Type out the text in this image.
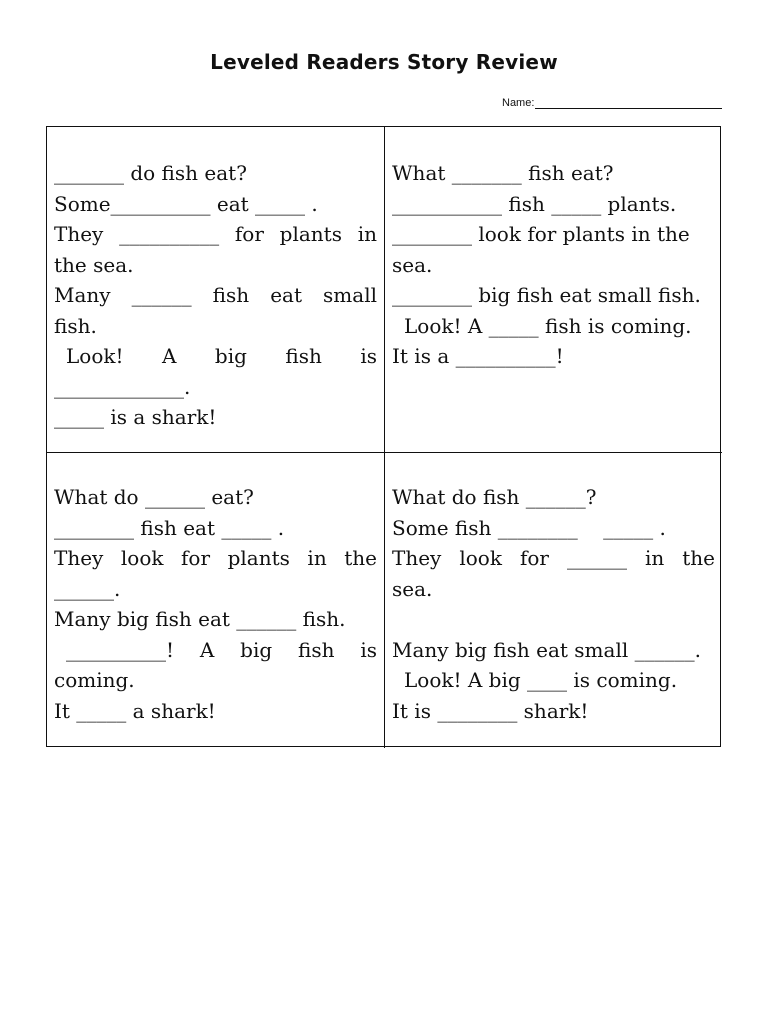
Leveled Readers Story Review
Name:
_______ do fish eat?
Some__________ eat _____ .
They __________ for plants in
the sea.
Many ______ fish eat small
fish.
Look! A big fish is
_____________.
_____ is a shark!
What _______ fish eat?
___________ fish _____ plants.
________ look for plants in the
sea.
________ big fish eat small fish.
Look! A _____ fish is coming.
It is a __________!
What do ______ eat?
________ fish eat _____ .
They look for plants in the
______.
Many big fish eat ______ fish.
__________! A big fish is
coming.
It _____ a shark!
What do fish ______?
Some fish ________    _____ .
They look for ______ in the
sea.
Many big fish eat small ______.
Look! A big ____ is coming.
It is ________ shark!
